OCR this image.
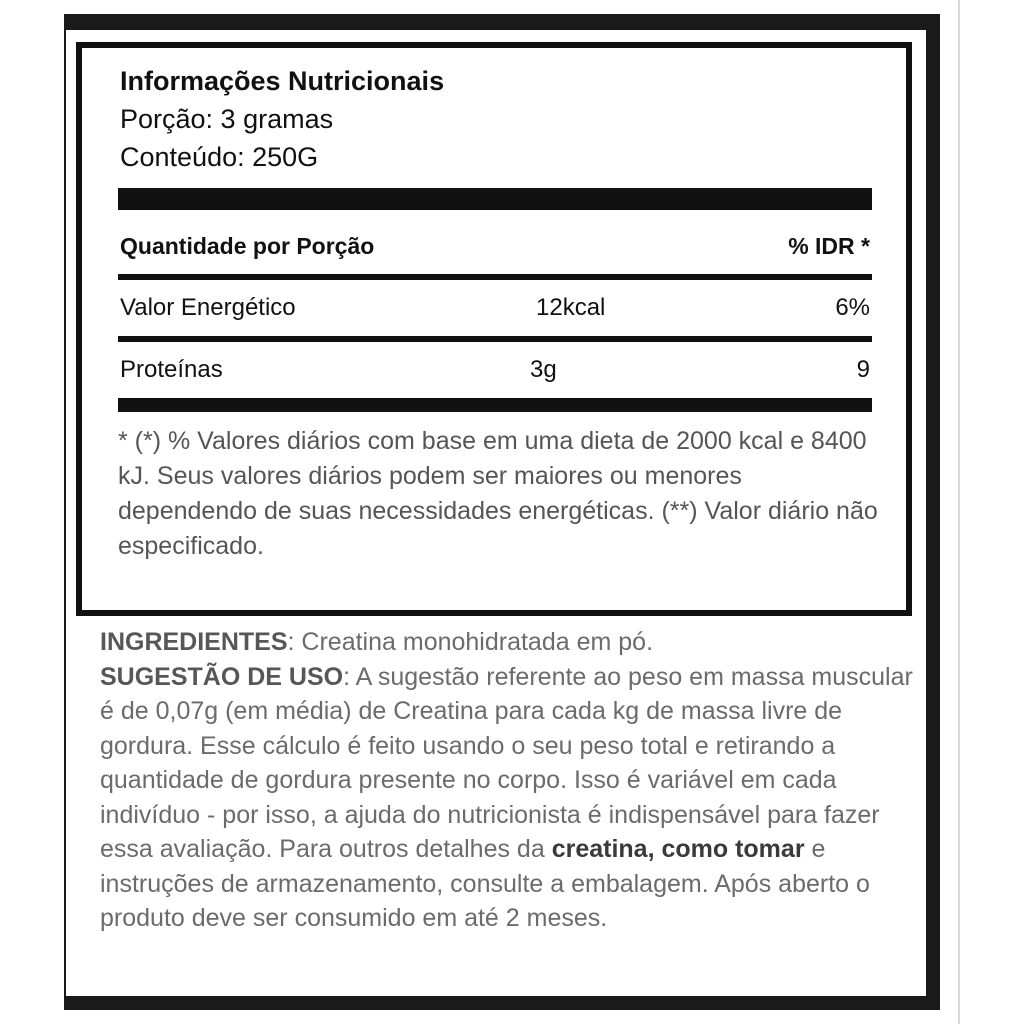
Informações Nutricionais
Porção: 3 gramas
Conteúdo: 250G
Quantidade por Porção	% IDR *
Valor Energético	12kcal	6%
Proteínas	3g	9
* (*) % Valores diários com base em uma dieta de 2000 kcal e 8400 kJ. Seus valores diários podem ser maiores ou menores dependendo de suas necessidades energéticas. (**) Valor diário não especificado.
INGREDIENTES: Creatina monohidratada em pó.
SUGESTÃO DE USO: A sugestão referente ao peso em massa muscular é de 0,07g (em média) de Creatina para cada kg de massa livre de gordura. Esse cálculo é feito usando o seu peso total e retirando a quantidade de gordura presente no corpo. Isso é variável em cada indivíduo - por isso, a ajuda do nutricionista é indispensável para fazer essa avaliação. Para outros detalhes da creatina, como tomar e instruções de armazenamento, consulte a embalagem. Após aberto o produto deve ser consumido em até 2 meses.
